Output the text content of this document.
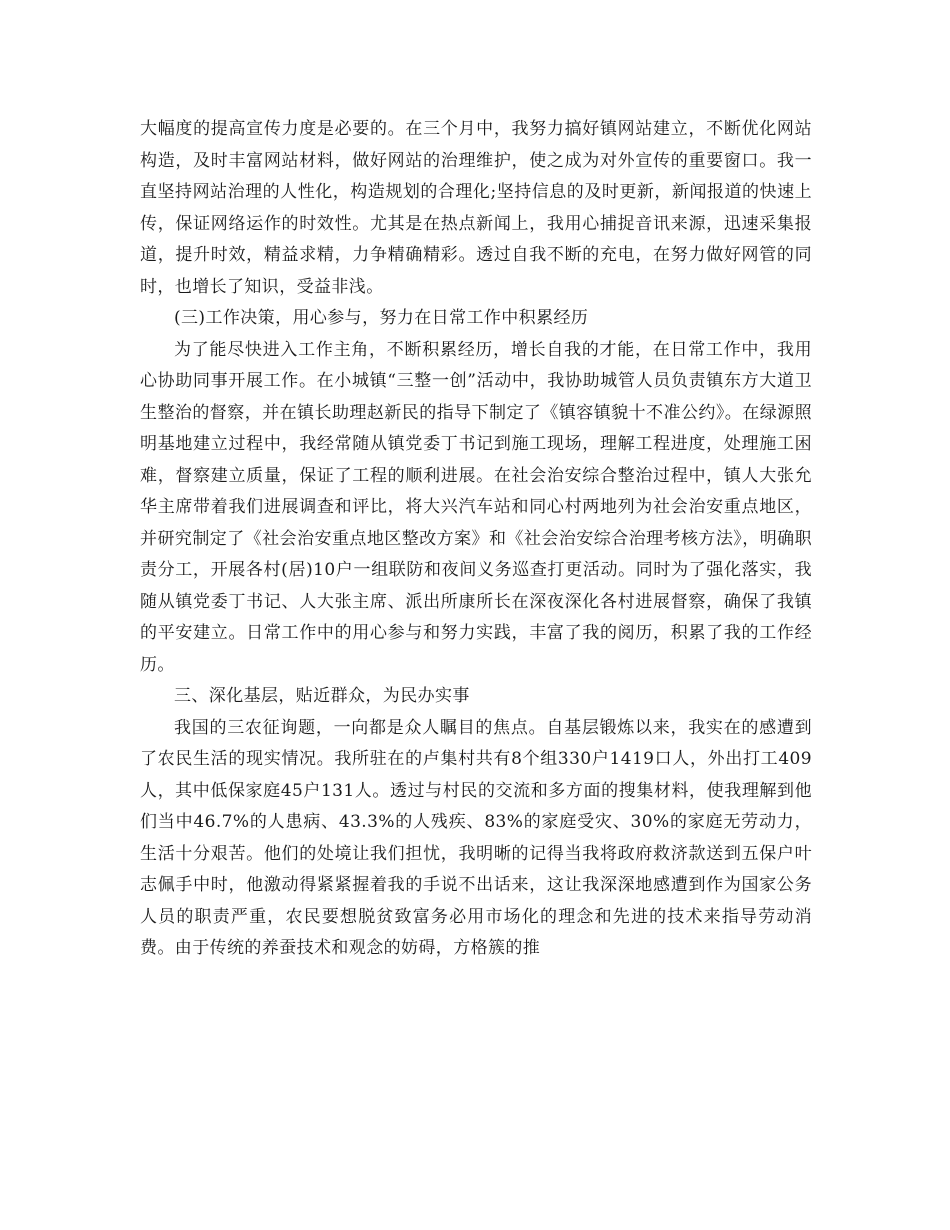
大幅度的提高宣传力度是必要的。在三个月中，我努力搞好镇网站建立，不断优化网站构造，及时丰富网站材料，做好网站的治理维护，使之成为对外宣传的重要窗口。我一直坚持网站治理的人性化，构造规划的合理化;坚持信息的及时更新，新闻报道的快速上传，保证网络运作的时效性。尤其是在热点新闻上，我用心捕捉音讯来源，迅速采集报道，提升时效，精益求精，力争精确精彩。透过自我不断的充电，在努力做好网管的同时，也增长了知识，受益非浅。

(三)工作决策，用心参与，努力在日常工作中积累经历

为了能尽快进入工作主角，不断积累经历，增长自我的才能，在日常工作中，我用心协助同事开展工作。在小城镇“三整一创”活动中，我协助城管人员负责镇东方大道卫生整治的督察，并在镇长助理赵新民的指导下制定了《镇容镇貌十不准公约》。在绿源照明基地建立过程中，我经常随从镇党委丁书记到施工现场，理解工程进度，处理施工困难，督察建立质量，保证了工程的顺利进展。在社会治安综合整治过程中，镇人大张允华主席带着我们进展调查和评比，将大兴汽车站和同心村两地列为社会治安重点地区，并研究制定了《社会治安重点地区整改方案》和《社会治安综合治理考核方法》，明确职责分工，开展各村(居)10户一组联防和夜间义务巡查打更活动。同时为了强化落实，我随从镇党委丁书记、人大张主席、派出所康所长在深夜深化各村进展督察，确保了我镇的平安建立。日常工作中的用心参与和努力实践，丰富了我的阅历，积累了我的工作经历。

三、深化基层，贴近群众，为民办实事

我国的三农征询题，一向都是众人瞩目的焦点。自基层锻炼以来，我实在的感遭到了农民生活的现实情况。我所驻在的卢集村共有8个组330户1419口人，外出打工409人，其中低保家庭45户131人。透过与村民的交流和多方面的搜集材料，使我理解到他们当中46.7%的人患病、43.3%的人残疾、83%的家庭受灾、30%的家庭无劳动力，生活十分艰苦。他们的处境让我们担忧，我明晰的记得当我将政府救济款送到五保户叶志佩手中时，他激动得紧紧握着我的手说不出话来，这让我深深地感遭到作为国家公务人员的职责严重，农民要想脱贫致富务必用市场化的理念和先进的技术来指导劳动消费。由于传统的养蚕技术和观念的妨碍，方格簇的推
